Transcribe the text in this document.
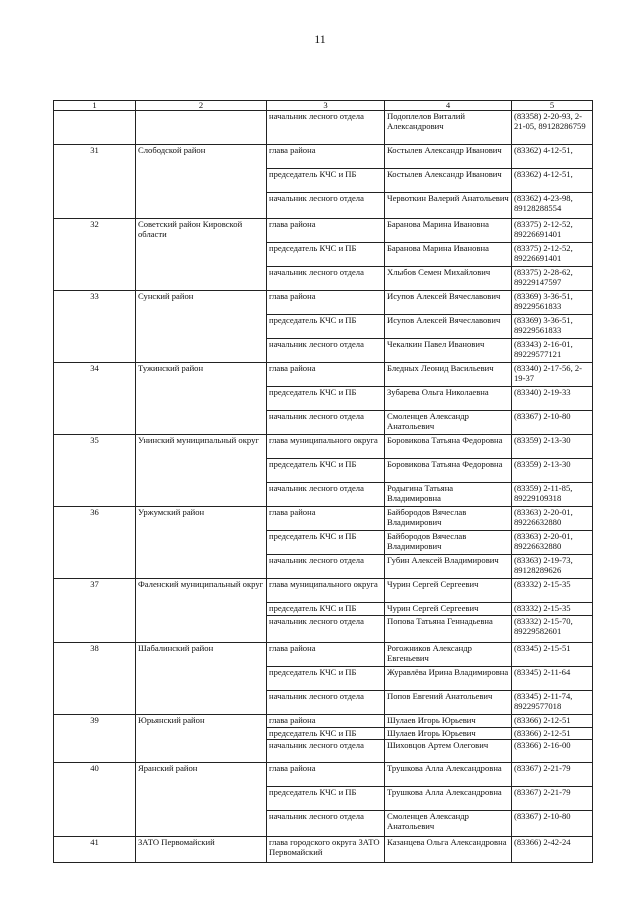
11
1	2	3	4	5
		начальник лесного отдела	Подоплелов Виталий Александрович	(83358) 2-20-93, 2-21-05, 89128286759
31	Слободской район	глава района	Костылев Александр Иванович	(83362) 4-12-51,
		председатель КЧС и ПБ	Костылев Александр Иванович	(83362) 4-12-51,
		начальник лесного отдела	Червоткин Валерий Анатольевич	(83362) 4-23-98, 89128288554
32	Советский район Кировской области	глава района	Баранова Марина Ивановна	(83375) 2-12-52, 89226691401
		председатель КЧС и ПБ	Баранова Марина Ивановна	(83375) 2-12-52, 89226691401
		начальник лесного отдела	Хлыбов Семен Михайлович	(83375) 2-28-62, 89229147597
33	Сунский район	глава района	Исупов Алексей Вячеславович	(83369) 3-36-51, 89229561833
		председатель КЧС и ПБ	Исупов Алексей Вячеславович	(83369) 3-36-51, 89229561833
		начальник лесного отдела	Чекалкин Павел Иванович	(83343) 2-16-01, 89229577121
34	Тужинский район	глава района	Бледных Леонид Васильевич	(83340) 2-17-56, 2-19-37
		председатель КЧС и ПБ	Зубарева Ольга Николаевна	(83340) 2-19-33
		начальник лесного отдела	Смоленцев Александр Анатольевич	(83367) 2-10-80
35	Унинский муниципальный округ	глава муниципального округа	Боровикова Татьяна Федоровна	(83359) 2-13-30
		председатель КЧС и ПБ	Боровикова Татьяна Федоровна	(83359) 2-13-30
		начальник лесного отдела	Родыгина Татьяна Владимировна	(83359) 2-11-85, 89229109318
36	Уржумский район	глава района	Байбородов Вячеслав Владимирович	(83363) 2-20-01, 89226632880
		председатель КЧС и ПБ	Байбородов Вячеслав Владимирович	(83363) 2-20-01, 89226632880
		начальник лесного отдела	Губин Алексей Владимирович	(83363) 2-19-73, 89128289626
37	Фаленский муниципальный округ	глава муниципального округа	Чурин Сергей Сергеевич	(83332) 2-15-35
		председатель КЧС и ПБ	Чурин Сергей Сергеевич	(83332) 2-15-35
		начальник лесного отдела	Попова Татьяна Геннадьевна	(83332) 2-15-70, 89229582601
38	Шабалинский район	глава района	Рогожников Александр Евгеньевич	(83345) 2-15-51
		председатель КЧС и ПБ	Журавлёва Ирина Владимировна	(83345) 2-11-64
		начальник лесного отдела	Попов Евгений Анатольевич	(83345) 2-11-74, 89229577018
39	Юрьянский район	глава района	Шулаев Игорь Юрьевич	(83366) 2-12-51
		председатель КЧС и ПБ	Шулаев Игорь Юрьевич	(83366) 2-12-51
		начальник лесного отдела	Шиховцов Артем Олегович	(83366) 2-16-00
40	Яранский район	глава района	Трушкова Алла Александровна	(83367) 2-21-79
		председатель КЧС и ПБ	Трушкова Алла Александровна	(83367) 2-21-79
		начальник лесного отдела	Смоленцев Александр Анатольевич	(83367) 2-10-80
41	ЗАТО Первомайский	глава городского округа ЗАТО Первомайский	Казанцева Ольга Александровна	(83366) 2-42-24
